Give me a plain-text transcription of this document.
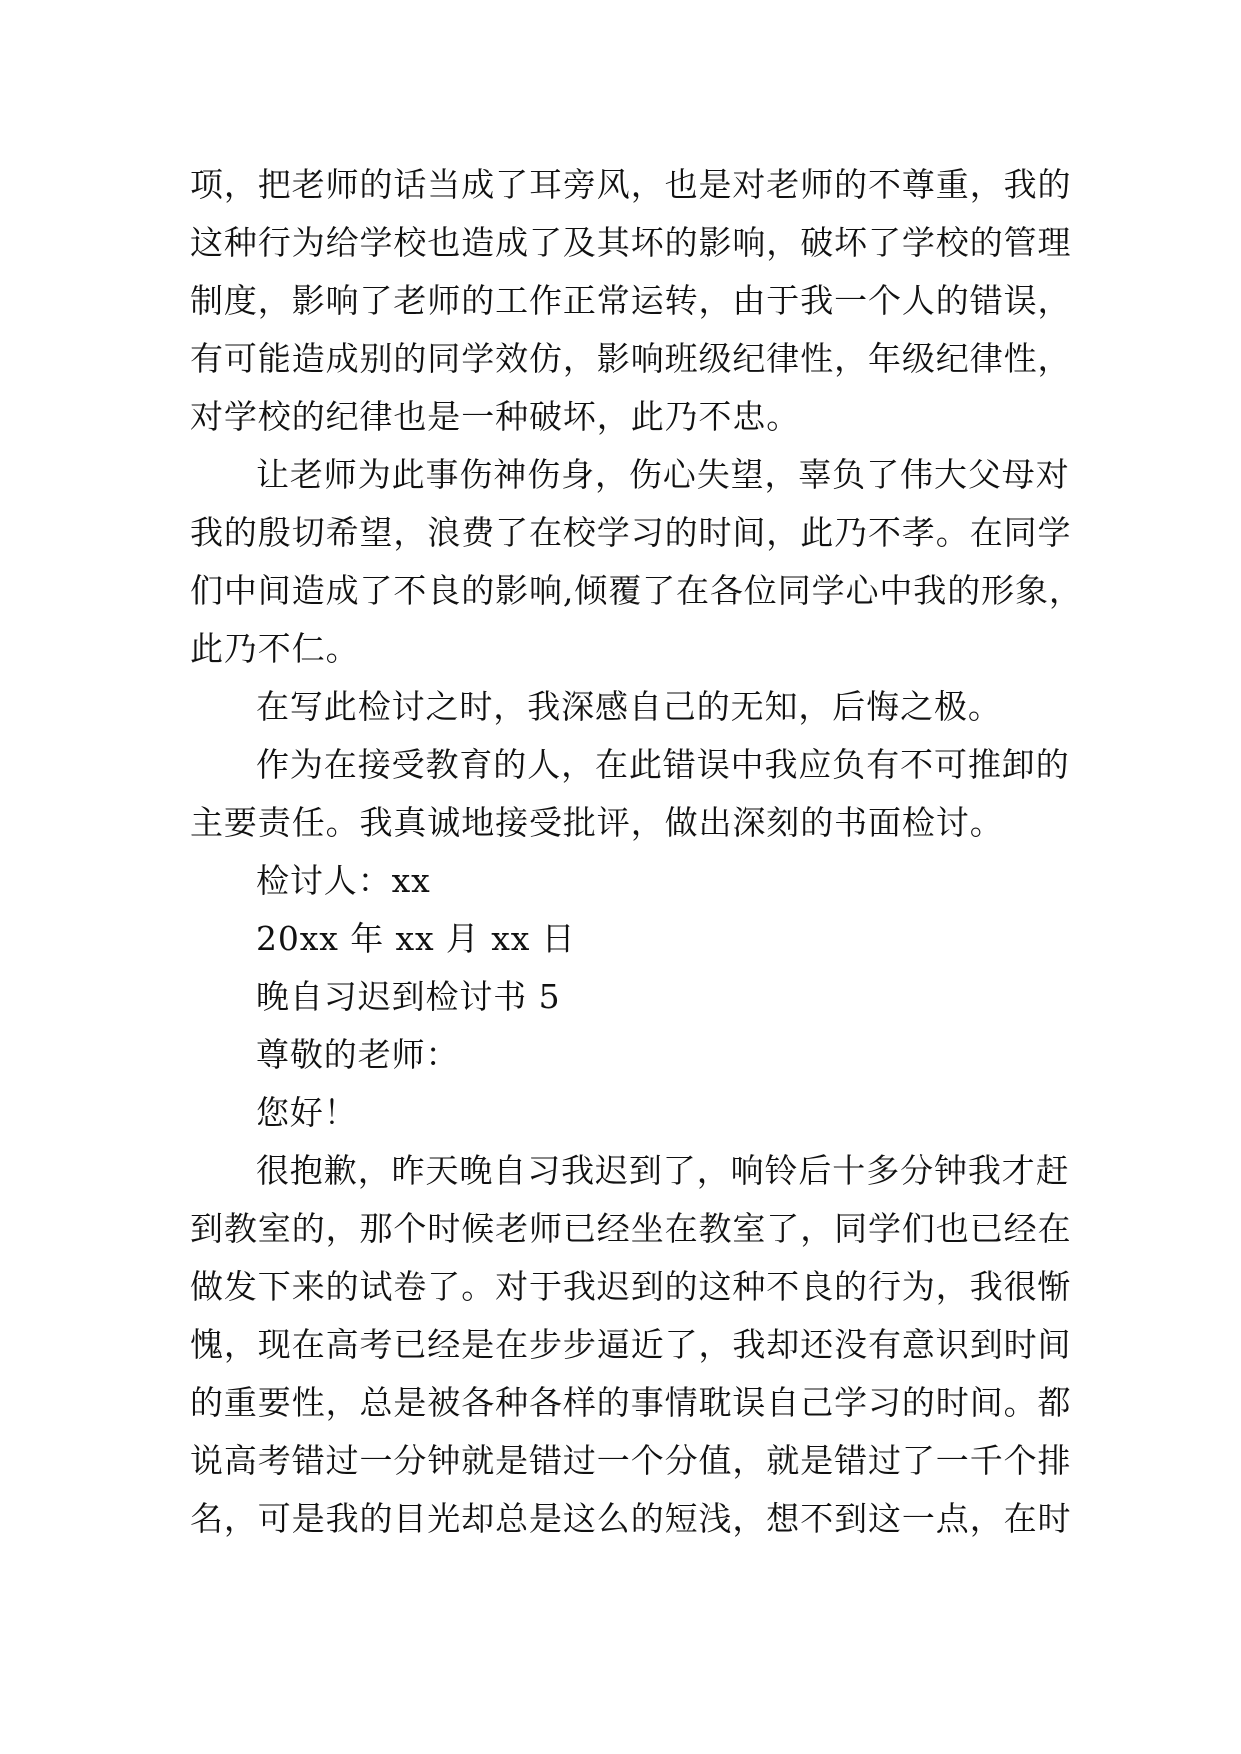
项，把老师的话当成了耳旁风，也是对老师的不尊重，我的
这种行为给学校也造成了及其坏的影响，破坏了学校的管理
制度，影响了老师的工作正常运转，由于我一个人的错误，
有可能造成别的同学效仿，影响班级纪律性，年级纪律性，
对学校的纪律也是一种破坏，此乃不忠。
让老师为此事伤神伤身，伤心失望，辜负了伟大父母对
我的殷切希望，浪费了在校学习的时间，此乃不孝。在同学
们中间造成了不良的影响,倾覆了在各位同学心中我的形象，
此乃不仁。
在写此检讨之时，我深感自己的无知，后悔之极。
作为在接受教育的人，在此错误中我应负有不可推卸的
主要责任。我真诚地接受批评，做出深刻的书面检讨。
检讨人：xx
20xx 年 xx 月 xx 日
晚自习迟到检讨书 5
尊敬的老师：
您好！
很抱歉，昨天晚自习我迟到了，响铃后十多分钟我才赶
到教室的，那个时候老师已经坐在教室了，同学们也已经在
做发下来的试卷了。对于我迟到的这种不良的行为，我很惭
愧，现在高考已经是在步步逼近了，我却还没有意识到时间
的重要性，总是被各种各样的事情耽误自己学习的时间。都
说高考错过一分钟就是错过一个分值，就是错过了一千个排
名，可是我的目光却总是这么的短浅，想不到这一点，在时
